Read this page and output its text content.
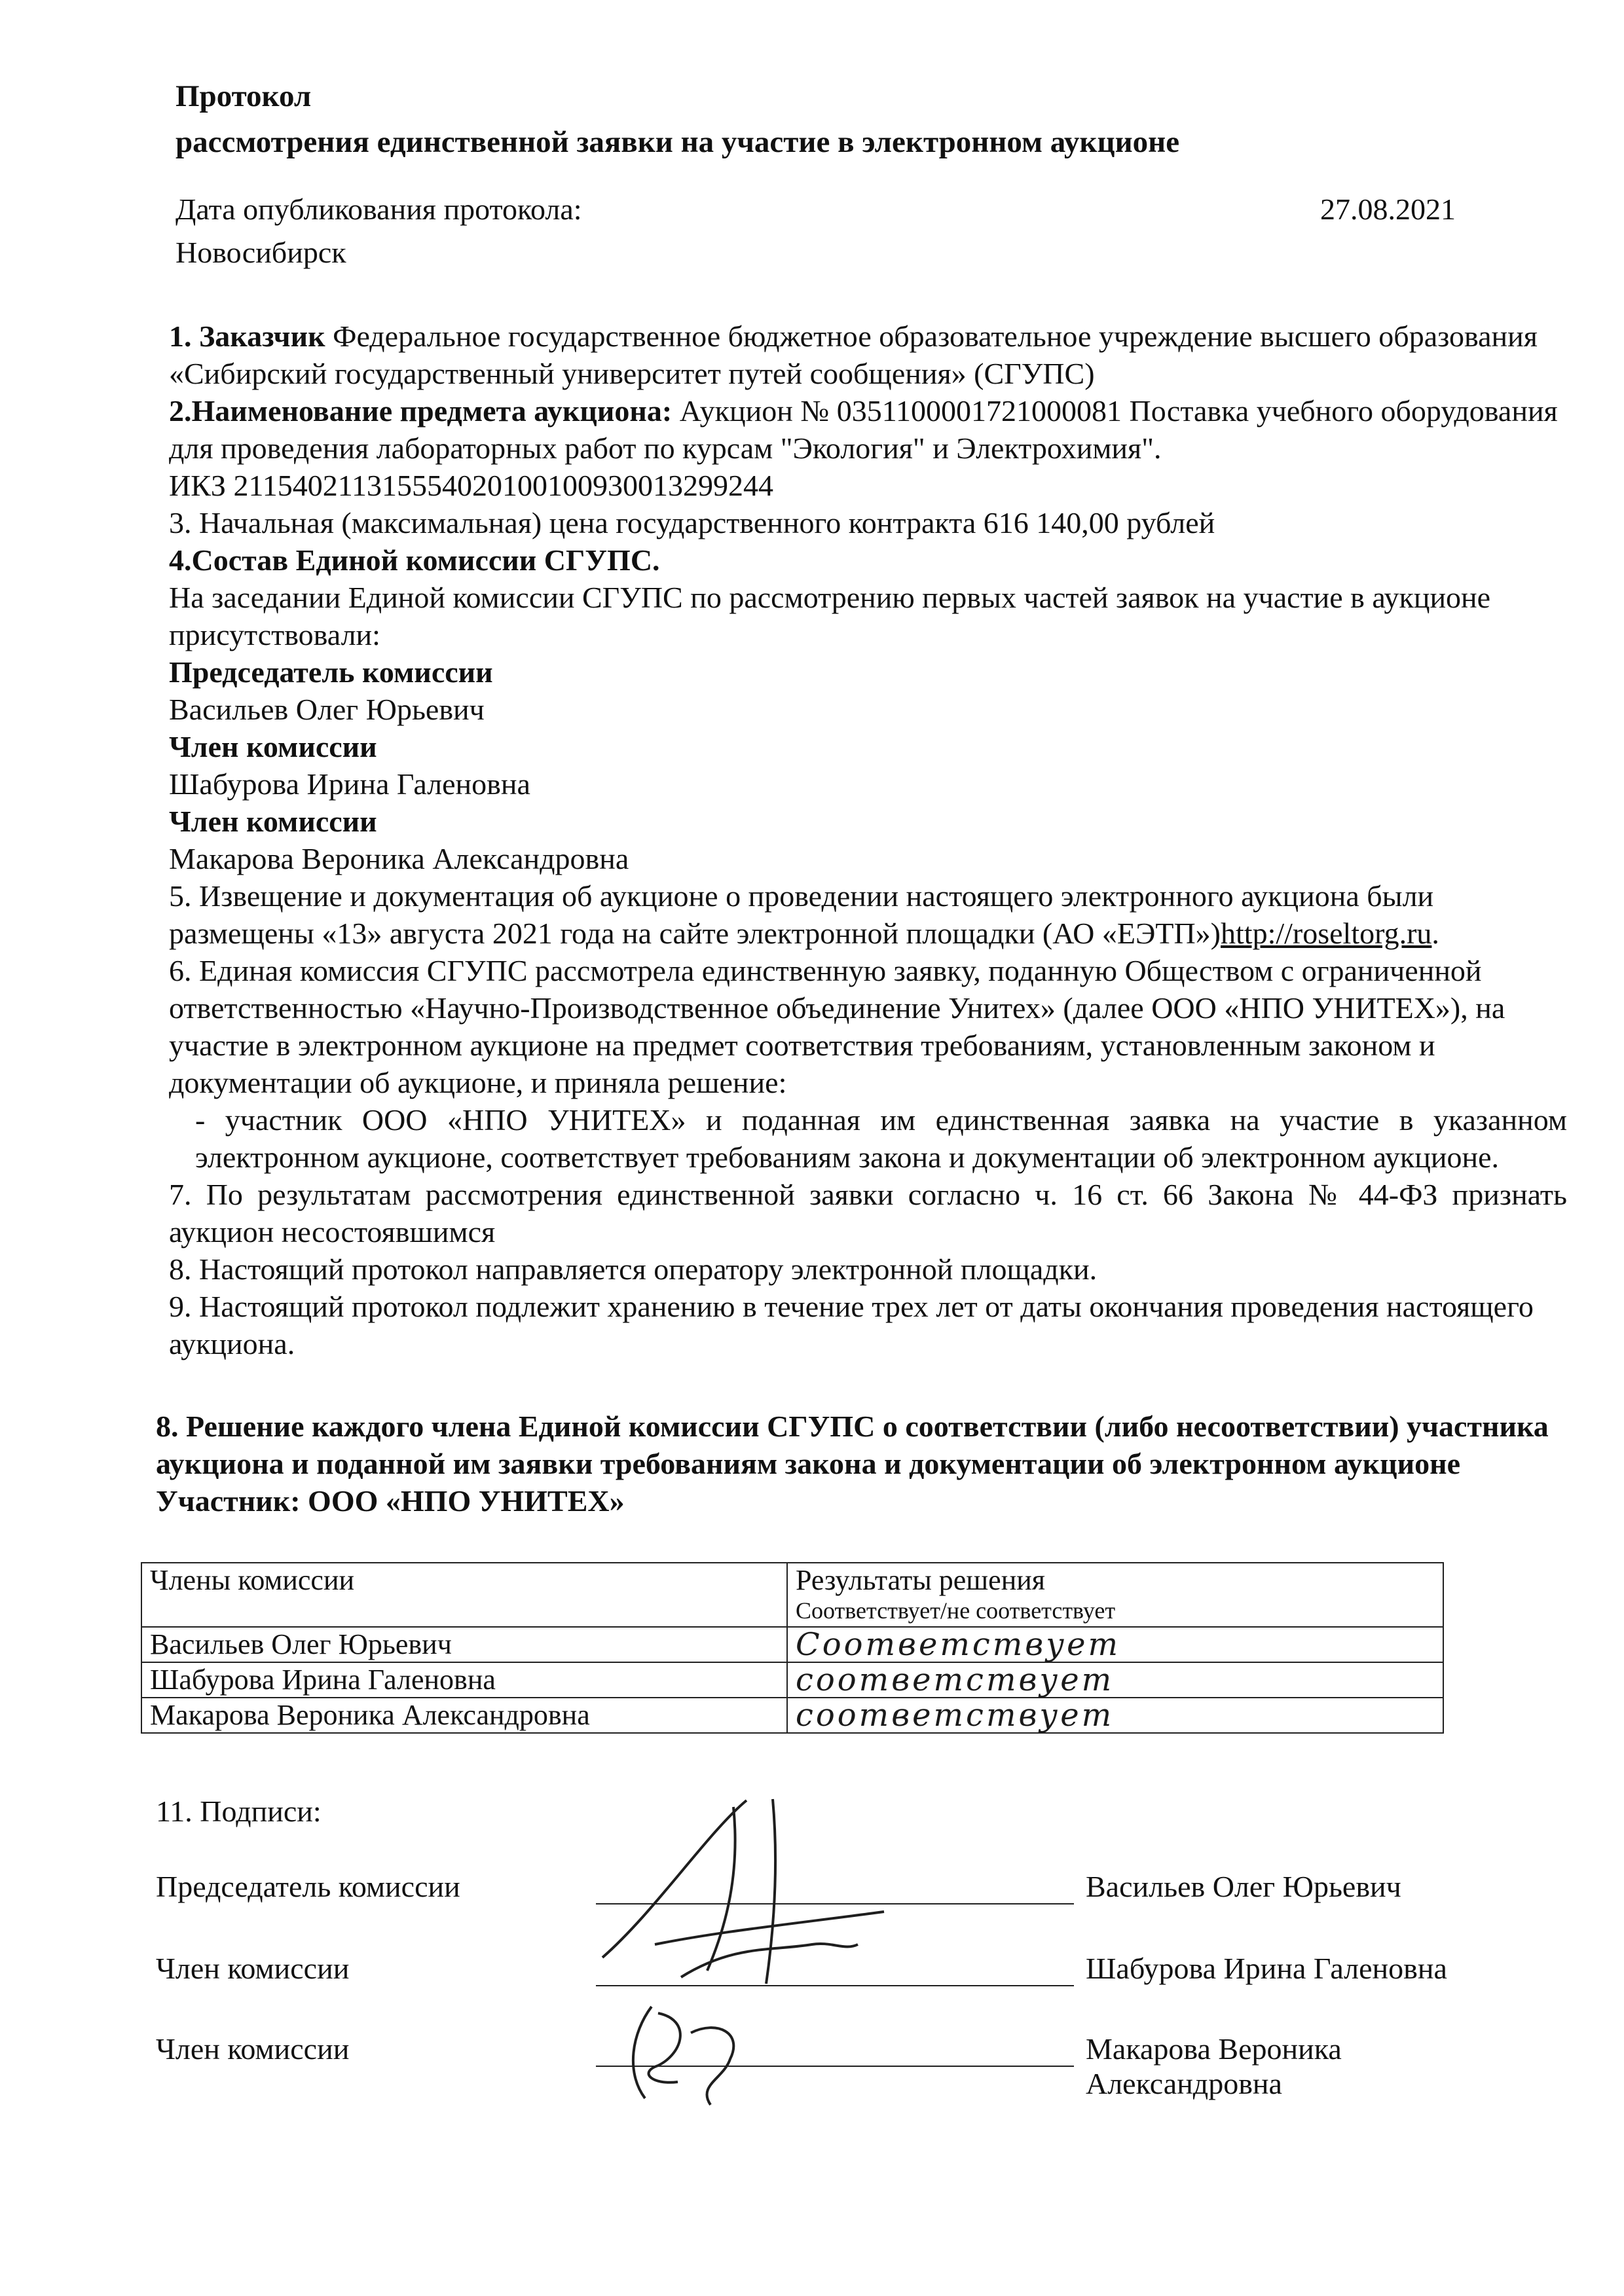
Протокол
рассмотрения единственной заявки на участие в электронном аукционе
Дата опубликования протокола:	27.08.2021
Новосибирск

1. Заказчик Федеральное государственное бюджетное образовательное учреждение высшего образования «Сибирский государственный университет путей сообщения» (СГУПС)

2.Наименование предмета аукциона: Аукцион № 0351100001721000081 Поставка учебного оборудования для проведения лабораторных работ по курсам "Экология" и Электрохимия".

ИКЗ 211540211315554020100100930013299244

3. Начальная (максимальная) цена государственного контракта 616 140,00 рублей

4.Состав Единой комиссии СГУПС.

На заседании Единой комиссии СГУПС по рассмотрению первых частей заявок на участие в аукционе присутствовали:

Председатель комиссии

Васильев Олег Юрьевич

Член комиссии

Шабурова Ирина Галеновна

Член комиссии

Макарова Вероника Александровна

5. Извещение и документация об аукционе о проведении настоящего электронного аукциона были размещены «13» августа 2021 года на сайте электронной площадки (АО «ЕЭТП»)http://roseltorg.ru.

6. Единая комиссия СГУПС рассмотрела единственную заявку, поданную Обществом с ограниченной ответственностью «Научно-Производственное объединение Унитех» (далее ООО «НПО УНИТЕХ»), на участие в электронном аукционе на предмет соответствия требованиям, установленным законом и документации об аукционе, и приняла решение:

- участник ООО «НПО УНИТЕХ» и поданная им единственная заявка на участие в указанном электронном аукционе, соответствует требованиям закона и документации об электронном аукционе.

7. По результатам рассмотрения единственной заявки согласно ч. 16 ст. 66 Закона № 44-ФЗ признать аукцион несостоявшимся

8. Настоящий протокол направляется оператору электронной площадки.

9. Настоящий протокол подлежит хранению в течение трех лет от даты окончания проведения настоящего аукциона.

8. Решение каждого члена Единой комиссии СГУПС о соответствии (либо несоответствии) участника аукциона и поданной им заявки требованиям закона и документации об электронном аукционе

Участник: ООО «НПО УНИТЕХ»

Члены комиссии	Результаты решения
Соответствует/не соответствует

Васильев Олег Юрьевич	Соответствует
Шабурова Ирина Галеновна	соответствует
Макарова Вероника Александровна	соответствует
11. Подписи:
Председатель комиссии	Васильев Олег Юрьевич
Член комиссии	Шабурова Ирина Галеновна
Член комиссии	Макарова Вероника Александровна
